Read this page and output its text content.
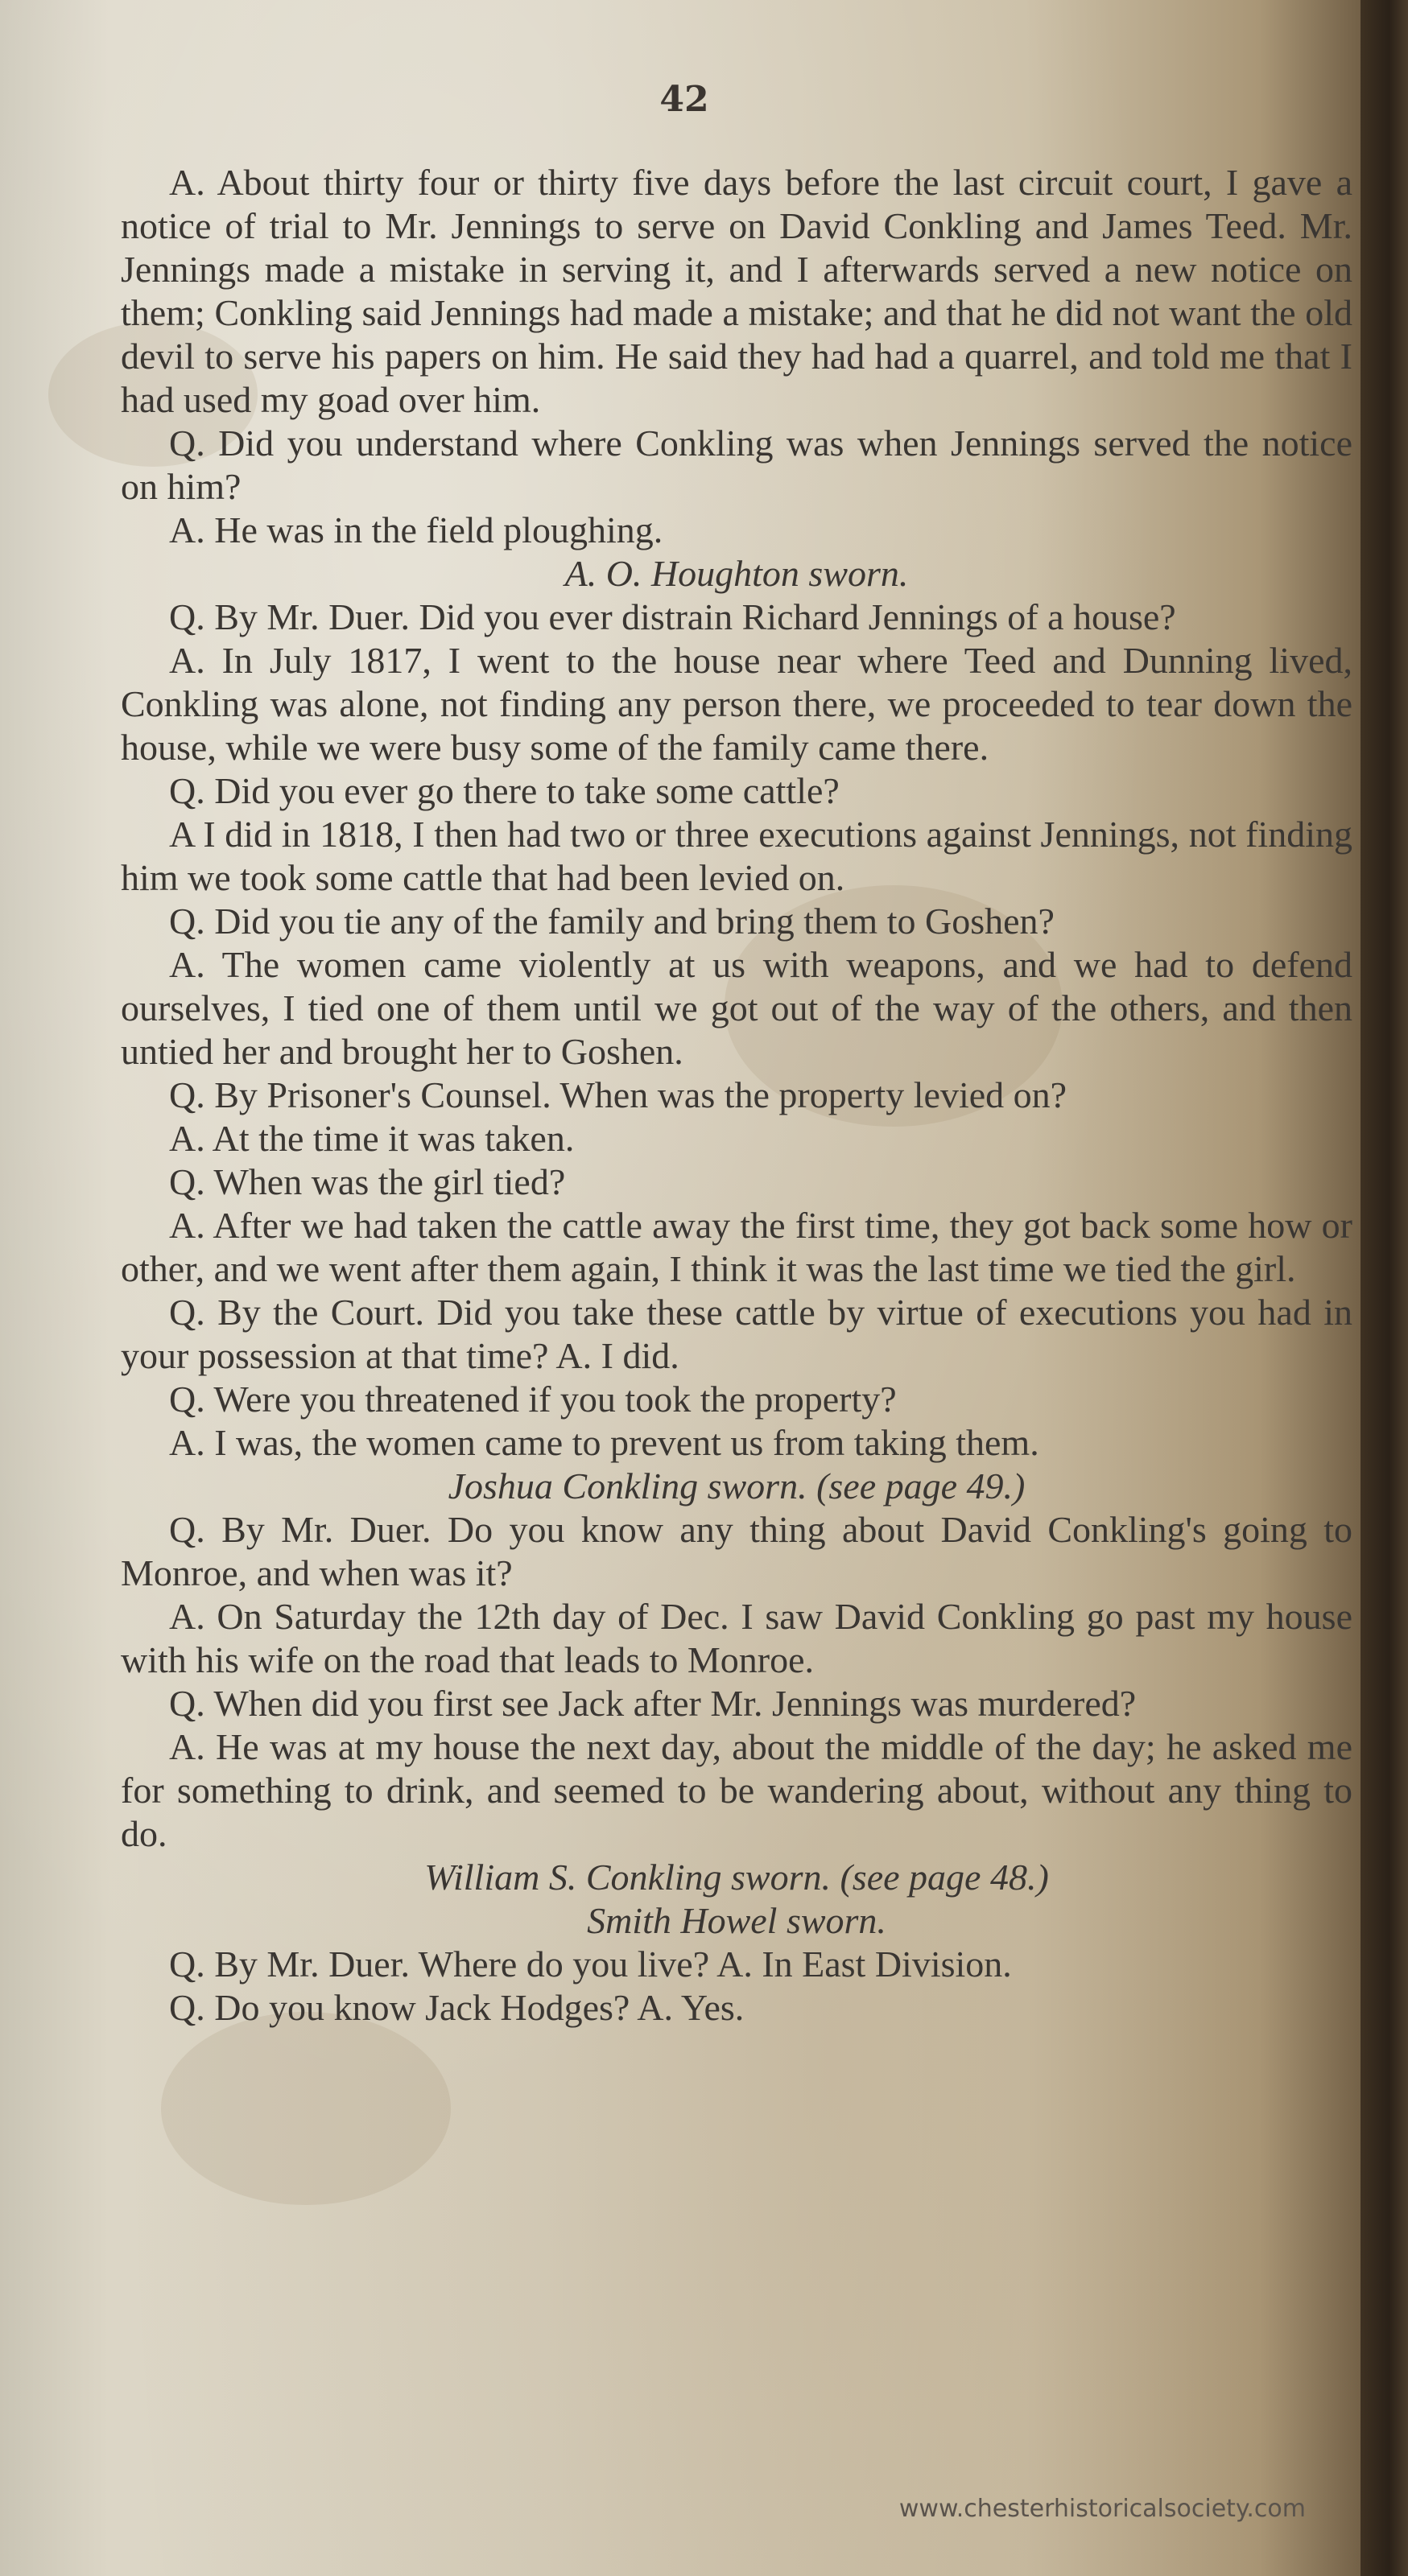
42

A. About thirty four or thirty five days before the last circuit court, I gave a notice of trial to Mr. Jennings to serve on David Conkling and James Teed. Mr. Jennings made a mistake in serving it, and I afterwards served a new notice on them; Conkling said Jennings had made a mistake; and that he did not want the old devil to serve his papers on him. He said they had had a quarrel, and told me that I had used my goad over him.

Q. Did you understand where Conkling was when Jennings served the notice on him?

A. He was in the field ploughing.

A. O. Houghton sworn.

Q. By Mr. Duer. Did you ever distrain Richard Jennings of a house?

A. In July 1817, I went to the house near where Teed and Dunning lived, Conkling was alone, not finding any person there, we proceeded to tear down the house, while we were busy some of the family came there.

Q. Did you ever go there to take some cattle?

A I did in 1818, I then had two or three executions against Jennings, not finding him we took some cattle that had been levied on.

Q. Did you tie any of the family and bring them to Goshen?

A. The women came violently at us with weapons, and we had to defend ourselves, I tied one of them until we got out of the way of the others, and then untied her and brought her to Goshen.

Q. By Prisoner's Counsel. When was the property levied on?

A. At the time it was taken.

Q. When was the girl tied?

A. After we had taken the cattle away the first time, they got back some how or other, and we went after them again, I think it was the last time we tied the girl.

Q. By the Court. Did you take these cattle by virtue of executions you had in your possession at that time? A. I did.

Q. Were you threatened if you took the property?

A. I was, the women came to prevent us from taking them.

Joshua Conkling sworn. (see page 49.)

Q. By Mr. Duer. Do you know any thing about David Conkling's going to Monroe, and when was it?

A. On Saturday the 12th day of Dec. I saw David Conkling go past my house with his wife on the road that leads to Monroe.

Q. When did you first see Jack after Mr. Jennings was murdered?

A. He was at my house the next day, about the middle of the day; he asked me for something to drink, and seemed to be wandering about, without any thing to do.

William S. Conkling sworn. (see page 48.)

Smith Howel sworn.

Q. By Mr. Duer. Where do you live? A. In East Division.

Q. Do you know Jack Hodges? A. Yes.

www.chesterhistoricalsociety.com
